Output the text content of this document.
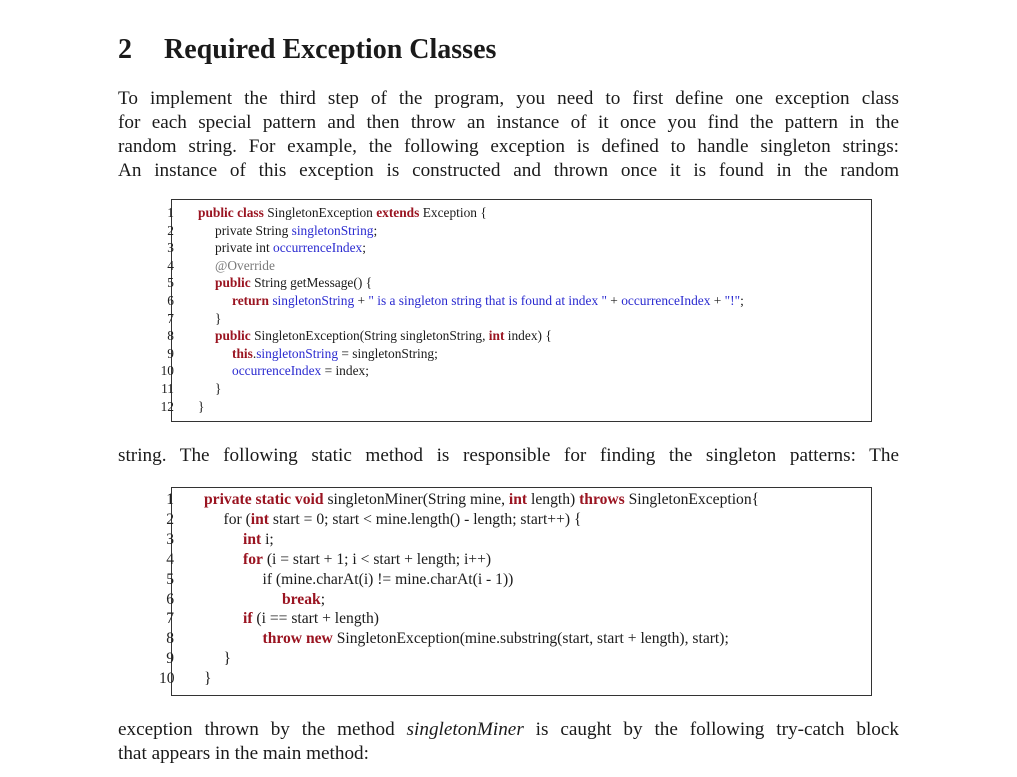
2 Required Exception Classes
To implement the third step of the program, you need to first define one exception class
for each special pattern and then throw an instance of it once you find the pattern in the
random string. For example, the following exception is defined to handle singleton strings:
An instance of this exception is constructed and thrown once it is found in the random
1 public class SingletonException extends Exception {
2	private String singletonString;
3	private int occurrenceIndex;
4	@Override
5	public String getMessage() {
6	return singletonString + " is a singleton string that is found at index " + occurrenceIndex + "!";
7	}
8	public SingletonException(String singletonString, int index) {
9	this.singletonString = singletonString;
10	occurrenceIndex = index;
11	}
12 }
string. The following static method is responsible for finding the singleton patterns: The
1 private static void singletonMiner(String mine, int length) throws SingletonException{
2	for (int start = 0; start < mine.length() - length; start++) {
3	int i;
4	for (i = start + 1; i < start + length; i++)
5	if (mine.charAt(i) != mine.charAt(i - 1))
6	break;
7	if (i == start + length)
8	throw new SingletonException(mine.substring(start, start + length), start);
9	}
10 }
exception thrown by the method singletonMiner is caught by the following try-catch block
that appears in the main method:
